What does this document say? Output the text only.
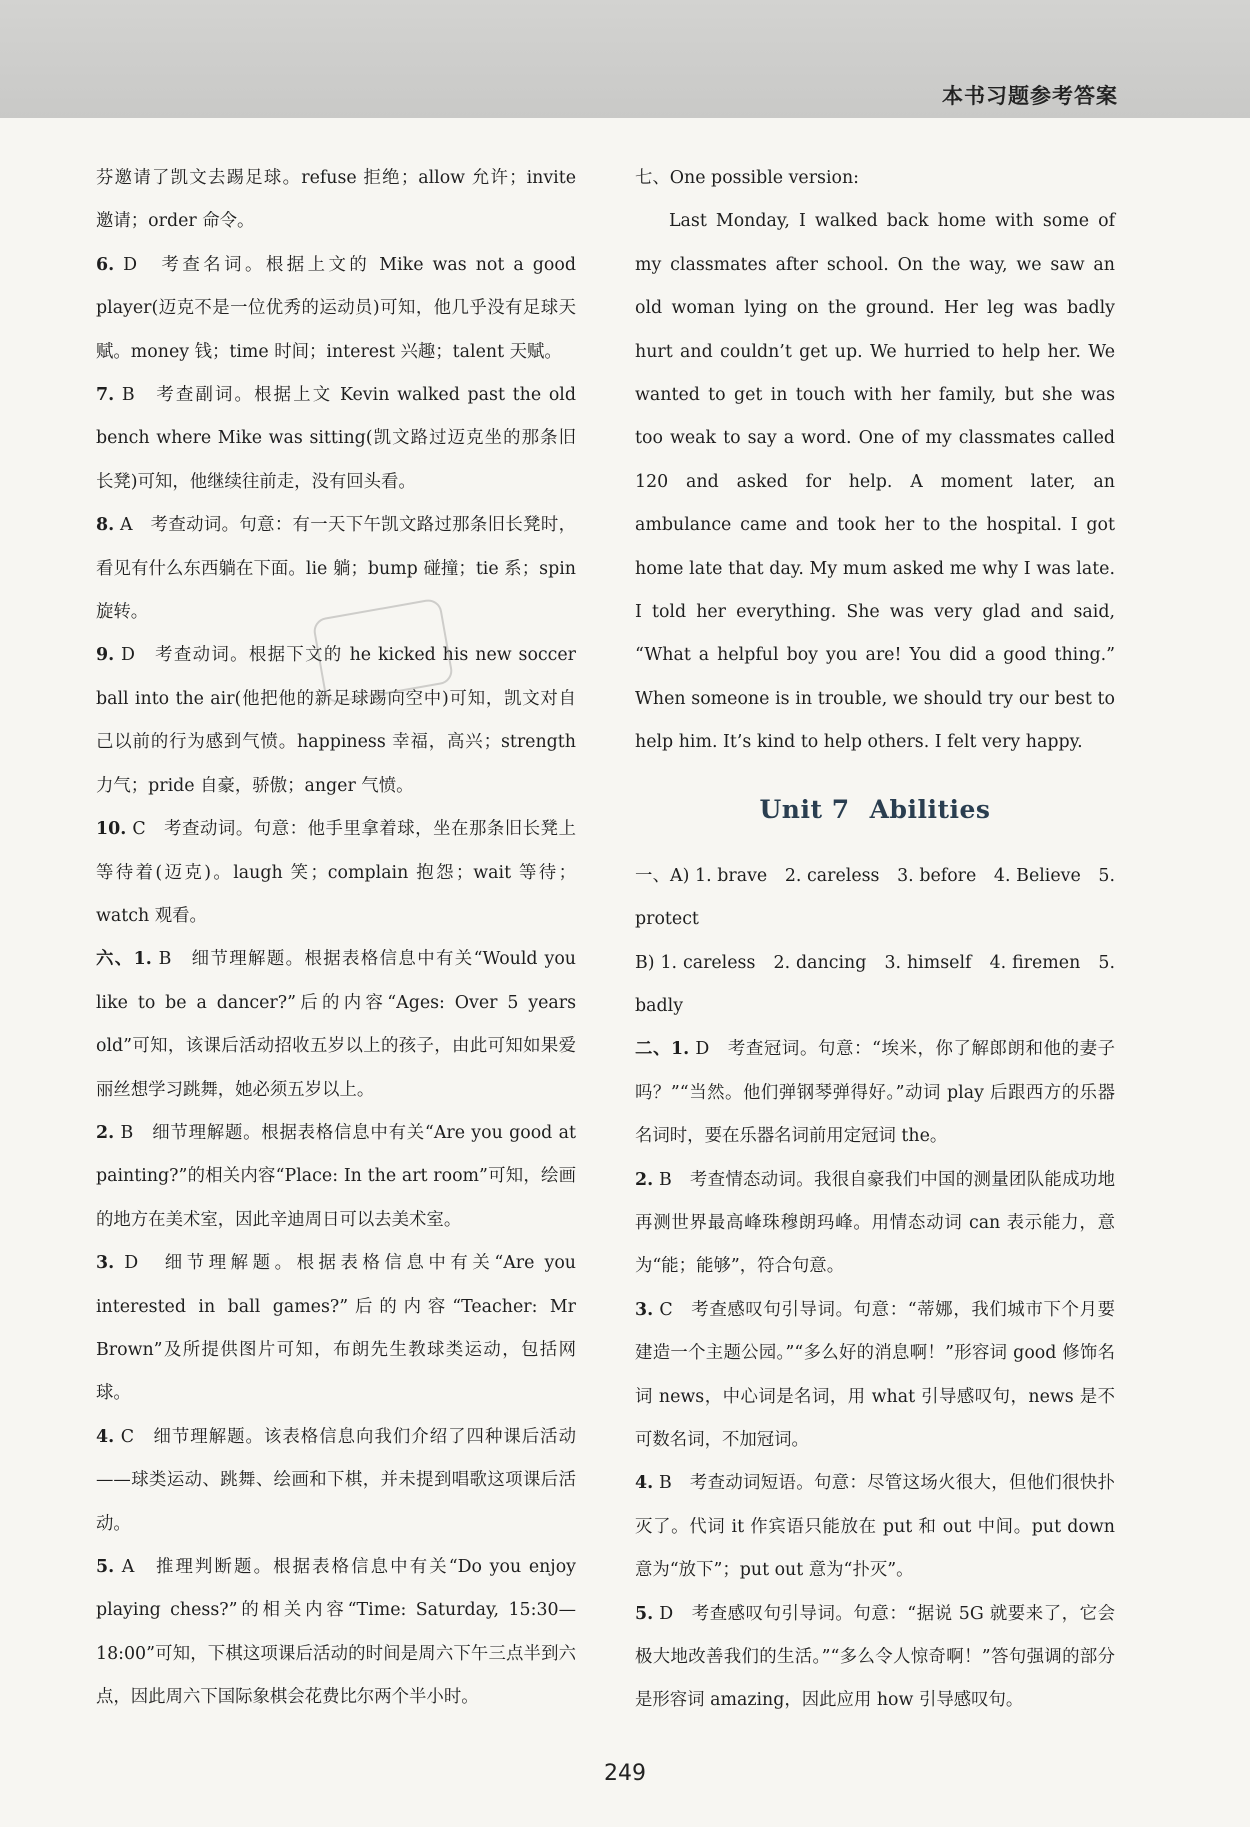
本书习题参考答案

芬邀请了凯文去踢足球。refuse 拒绝；allow 允许；invite 邀请；order 命令。

6. D　考查名词。根据上文的 Mike was not a good player(迈克不是一位优秀的运动员)可知，他几乎没有足球天赋。money 钱；time 时间；interest 兴趣；talent 天赋。

7. B　考查副词。根据上文 Kevin walked past the old bench where Mike was sitting(凯文路过迈克坐的那条旧长凳)可知，他继续往前走，没有回头看。

8. A　考查动词。句意：有一天下午凯文路过那条旧长凳时，看见有什么东西躺在下面。lie 躺；bump 碰撞；tie 系；spin 旋转。

9. D　考查动词。根据下文的 he kicked his new soccer ball into the air(他把他的新足球踢向空中)可知，凯文对自己以前的行为感到气愤。happiness 幸福，高兴；strength 力气；pride 自豪，骄傲；anger 气愤。

10. C　考查动词。句意：他手里拿着球，坐在那条旧长凳上等待着(迈克)。laugh 笑；complain 抱怨；wait 等待；watch 观看。

六、1. B　细节理解题。根据表格信息中有关“Would you like to be a dancer?”后的内容“Ages: Over 5 years old”可知，该课后活动招收五岁以上的孩子，由此可知如果爱丽丝想学习跳舞，她必须五岁以上。

2. B　细节理解题。根据表格信息中有关“Are you good at painting?”的相关内容“Place: In the art room”可知，绘画的地方在美术室，因此辛迪周日可以去美术室。

3. D　细节理解题。根据表格信息中有关“Are you interested in ball games?”后的内容“Teacher: Mr Brown”及所提供图片可知，布朗先生教球类运动，包括网球。

4. C　细节理解题。该表格信息向我们介绍了四种课后活动——球类运动、跳舞、绘画和下棋，并未提到唱歌这项课后活动。

5. A　推理判断题。根据表格信息中有关“Do you enjoy playing chess?”的相关内容“Time: Saturday, 15:30—18:00”可知，下棋这项课后活动的时间是周六下午三点半到六点，因此周六下国际象棋会花费比尔两个半小时。

七、One possible version:

Last Monday, I walked back home with some of my classmates after school. On the way, we saw an old woman lying on the ground. Her leg was badly hurt and couldn’t get up. We hurried to help her. We wanted to get in touch with her family, but she was too weak to say a word. One of my classmates called 120 and asked for help. A moment later, an ambulance came and took her to the hospital. I got home late that day. My mum asked me why I was late. I told her everything. She was very glad and said, “What a helpful boy you are! You did a good thing.” When someone is in trouble, we should try our best to help him. It’s kind to help others. I felt very happy.

Unit 7 Abilities

一、A) 1. brave　2. careless　3. before　4. Believe　5. protect

B) 1. careless　2. dancing　3. himself　4. firemen　5. badly

二、1. D　考查冠词。句意：“埃米，你了解郎朗和他的妻子吗？”“当然。他们弹钢琴弹得好。”动词 play 后跟西方的乐器名词时，要在乐器名词前用定冠词 the。

2. B　考查情态动词。我很自豪我们中国的测量团队能成功地再测世界最高峰珠穆朗玛峰。用情态动词 can 表示能力，意为“能；能够”，符合句意。

3. C　考查感叹句引导词。句意：“蒂娜，我们城市下个月要建造一个主题公园。”“多么好的消息啊！”形容词 good 修饰名词 news，中心词是名词，用 what 引导感叹句，news 是不可数名词，不加冠词。

4. B　考查动词短语。句意：尽管这场火很大，但他们很快扑灭了。代词 it 作宾语只能放在 put 和 out 中间。put down 意为“放下”；put out 意为“扑灭”。

5. D　考查感叹句引导词。句意：“据说 5G 就要来了，它会极大地改善我们的生活。”“多么令人惊奇啊！”答句强调的部分是形容词 amazing，因此应用 how 引导感叹句。

249
